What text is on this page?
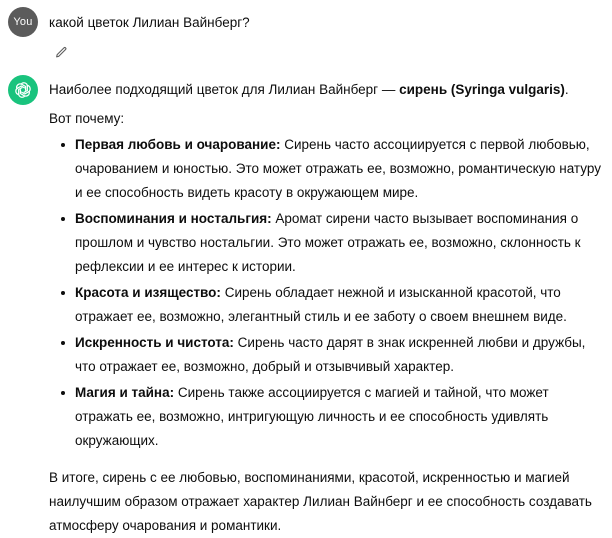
You какой цветок Лилиан Вайнберг?

Наиболее подходящий цветок для Лилиан Вайнберг — сирень (Syringa vulgaris).

Вот почему:

Первая любовь и очарование: Сирень часто ассоциируется с первой любовью, очарованием и юностью. Это может отражать ее, возможно, романтическую натуру и ее способность видеть красоту в окружающем мире.
Воспоминания и ностальгия: Аромат сирени часто вызывает воспоминания о прошлом и чувство ностальгии. Это может отражать ее, возможно, склонность к рефлексии и ее интерес к истории.
Красота и изящество: Сирень обладает нежной и изысканной красотой, что отражает ее, возможно, элегантный стиль и ее заботу о своем внешнем виде.
Искренность и чистота: Сирень часто дарят в знак искренней любви и дружбы, что отражает ее, возможно, добрый и отзывчивый характер.
Магия и тайна: Сирень также ассоциируется с магией и тайной, что может отражать ее, возможно, интригующую личность и ее способность удивлять окружающих.

В итоге, сирень с ее любовью, воспоминаниями, красотой, искренностью и магией наилучшим образом отражает характер Лилиан Вайнберг и ее способность создавать атмосферу очарования и романтики.
